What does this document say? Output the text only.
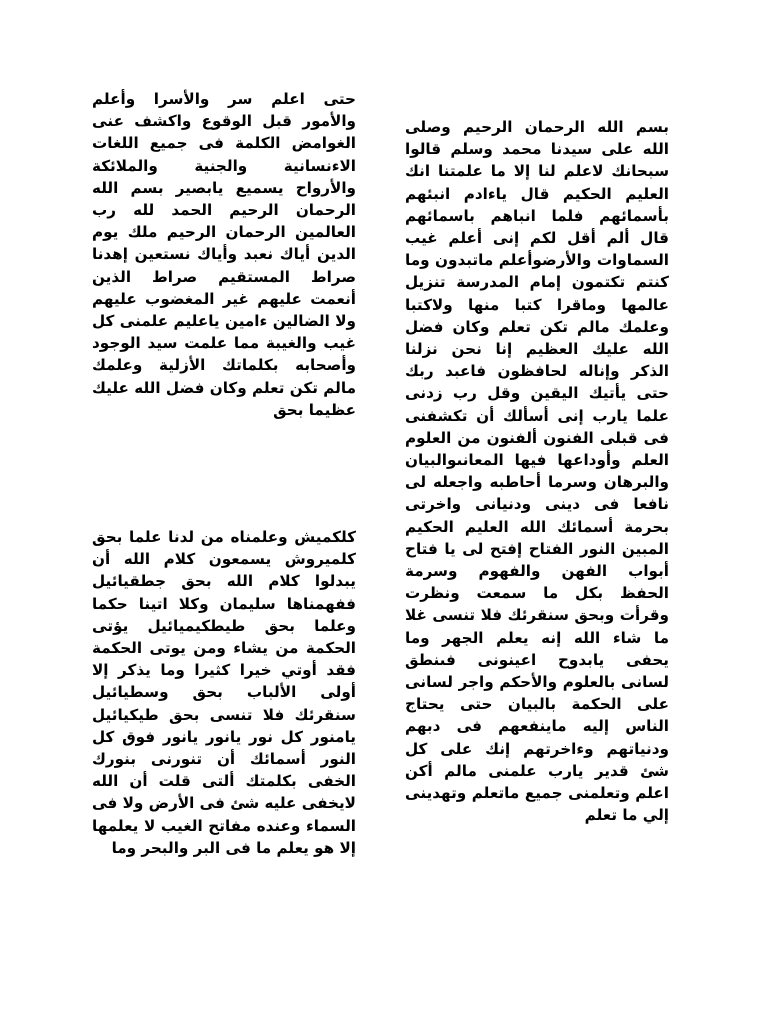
بسم الله الرحمان الرحيم وصلى الله على سيدنا محمد وسلم قالوا سبحانك لاعلم لنا إلا ما علمتنا انك العليم الحكيم قال ياءادم انبئهم بأسمائهم فلما انباهم باسمائهم قال ألم أقل لكم إنى أعلم غيب السماوات والأرضوأعلم ماتبدون وما كنتم تكتمون إمام المدرسة تنزيل عالمها وماقرا كتبا منها ولاكتبا وعلمك مالم تكن تعلم وكان فضل الله عليك العظيم إنا نحن نزلنا الذكر وإناله لحافظون فاعبد ربك حتى يأتيك اليقين وقل رب زدنى علما يارب إنى أسألك أن تكشفنى فى قبلى الفنون ألفنون من العلوم العلم وأوداعها فيها المعانىوالبيان والبرهان وسرما أحاطبه واجعله لى نافعا فى دينى ودنيانى واخرتى بحرمة أسمائك الله العليم الحكيم المبين النور الفتاح إفتح لى يا فتاح أبواب الفهن والفهوم وسرمة الحفظ بكل ما سمعت ونظرت وقرأت وبحق سنقرئك فلا تنسى غلا ما شاء الله إنه يعلم الجهر وما يحفى يابدوح اعينونى فىنطق لسانى بالعلوم والأحكم واجر لسانى على الحكمة بالبيان حتى يحتاج الناس إليه ماينفعهم فى دبهم ودنياتهم وءاخرتهم إنك على كل شئ قدير يارب علمنى مالم أكن اعلم وتعلمنى جميع ماتعلم وتهدينى إلي ما تعلم

حتى اعلم سر والأسرا وأعلم والأمور قبل الوقوع واكشف عنى الغوامض الكلمة فى جميع اللغات الاءنسانية والجنية والملائكة والأرواح يسميع يابصير بسم الله الرحمان الرحيم الحمد لله رب العالمين الرحمان الرحيم ملك يوم الدين أياك نعبد وأياك نستعين إهدنا صراط المستقيم صراط الذين أنعمت عليهم غير المغضوب عليهم ولا الضالين ءامين ياعليم علمنى كل غيب والغيبة مما علمت سيد الوجود وأصحابه بكلماتك الأزلية وعلمك مالم تكن تعلم وكان فضل الله عليك عظيما بحق

كلكميش وعلمناه من لدنا علما بحق كلميروش يسمعون كلام الله أن يبدلوا كلام الله بحق جطقيائيل ففهمناها سليمان وكلا اتينا حكما وعلما بحق طيطكيميائيل يؤتى الحكمة من يشاء ومن يوتى الحكمة فقد أوتي خيرا كثيرا وما يذكر إلا أولى الألباب بحق وسطيائيل سنقرئك فلا تنسى بحق طيكيائيل يامنور كل نور يانور يانور فوق كل النور أسمائك أن تنورنى بنورك الخفى بكلمتك ألتى قلت أن الله لايخفى عليه شئ فى الأرض ولا فى السماء وعنده مفاتح الغيب لا يعلمها إلا هو يعلم ما فى البر والبحر وما
